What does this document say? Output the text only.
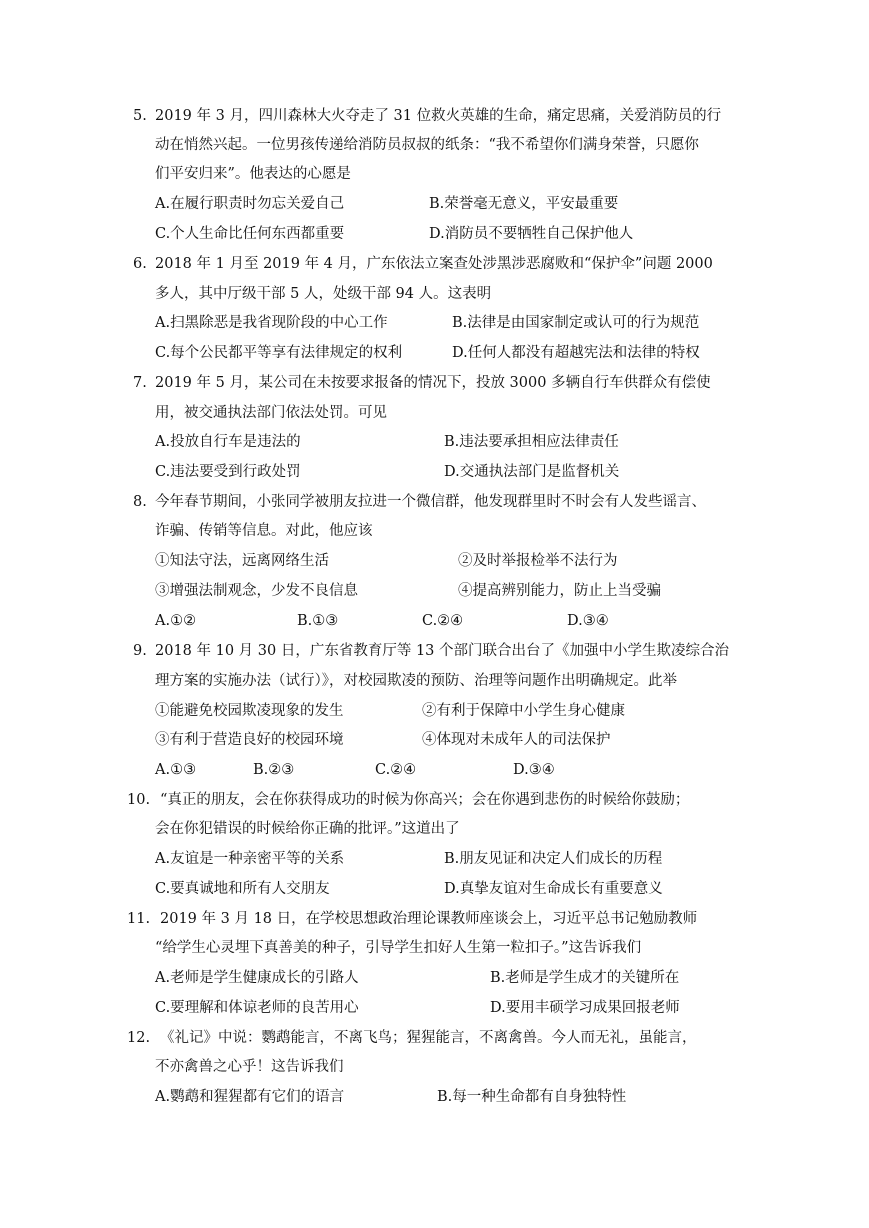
5. 2019 年 3 月，四川森林大火夺走了 31 位救火英雄的生命，痛定思痛，关爱消防员的行
动在悄然兴起。一位男孩传递给消防员叔叔的纸条：“我不希望你们满身荣誉，只愿你
们平安归来”。他表达的心愿是
A.在履行职责时勿忘关爱自己	B.荣誉毫无意义，平安最重要
C.个人生命比任何东西都重要	D.消防员不要牺牲自己保护他人
6. 2018 年 1 月至 2019 年 4 月，广东依法立案查处涉黑涉恶腐败和“保护伞”问题 2000
多人，其中厅级干部 5 人，处级干部 94 人。这表明
A.扫黑除恶是我省现阶段的中心工作	B.法律是由国家制定或认可的行为规范
C.每个公民都平等享有法律规定的权利	D.任何人都没有超越宪法和法律的特权
7. 2019 年 5 月，某公司在未按要求报备的情况下，投放 3000 多辆自行车供群众有偿使
用，被交通执法部门依法处罚。可见
A.投放自行车是违法的	B.违法要承担相应法律责任
C.违法要受到行政处罚	D.交通执法部门是监督机关
8. 今年春节期间，小张同学被朋友拉进一个微信群，他发现群里时不时会有人发些谣言、
诈骗、传销等信息。对此，他应该
①知法守法，远离网络生活	②及时举报检举不法行为
③增强法制观念，少发不良信息	④提高辨别能力，防止上当受骗
A.①②	B.①③	C.②④	D.③④
9. 2018 年 10 月 30 日，广东省教育厅等 13 个部门联合出台了《加强中小学生欺凌综合治
理方案的实施办法（试行）》，对校园欺凌的预防、治理等问题作出明确规定。此举
①能避免校园欺凌现象的发生	②有利于保障中小学生身心健康
③有利于营造良好的校园环境	④体现对未成年人的司法保护
A.①③	B.②③	C.②④	D.③④
10. “真正的朋友，会在你获得成功的时候为你高兴；会在你遇到悲伤的时候给你鼓励；
会在你犯错误的时候给你正确的批评。”这道出了
A.友谊是一种亲密平等的关系	B.朋友见证和决定人们成长的历程
C.要真诚地和所有人交朋友	D.真挚友谊对生命成长有重要意义
11. 2019 年 3 月 18 日，在学校思想政治理论课教师座谈会上，习近平总书记勉励教师
“给学生心灵埋下真善美的种子，引导学生扣好人生第一粒扣子。”这告诉我们
A.老师是学生健康成长的引路人	B.老师是学生成才的关键所在
C.要理解和体谅老师的良苦用心	D.要用丰硕学习成果回报老师
12. 《礼记》中说：鹦鹉能言，不离飞鸟；猩猩能言，不离禽兽。今人而无礼，虽能言，
不亦禽兽之心乎！这告诉我们
A.鹦鹉和猩猩都有它们的语言	B.每一种生命都有自身独特性
